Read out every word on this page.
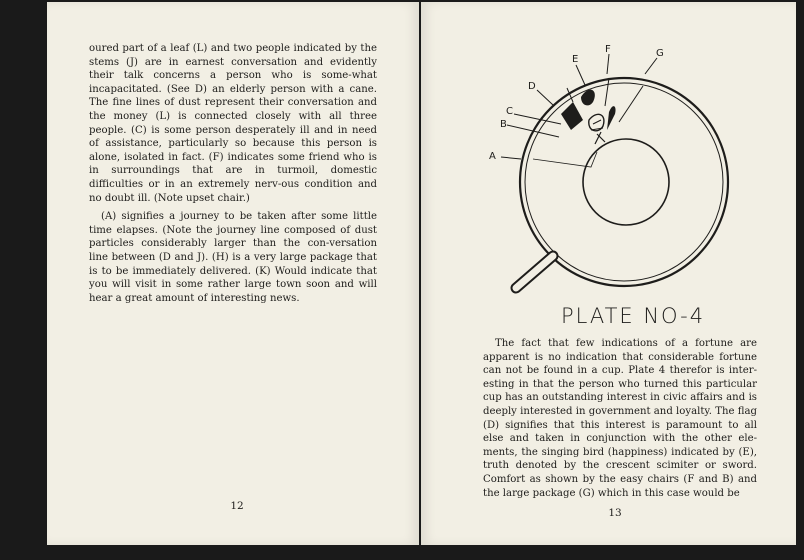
oured part of a leaf (L) and two people indicated by the stems (J) are in earnest conversation and evidently their talk concerns a person who is some-what incapacitated. (See D) an elderly person with a cane. The fine lines of dust represent their conversation and the money (L) is connected closely with all three people. (C) is some person desperately ill and in need of assistance, particularly so because this person is alone, isolated in fact. (F) indicates some friend who is in surroundings that are in turmoil, domestic difficulties or in an extremely nerv-ous condition and no doubt ill. (Note upset chair.)

(A) signifies a journey to be taken after some little time elapses. (Note the journey line composed of dust particles considerably larger than the con-versation line between (D and J). (H) is a very large package that is to be immediately delivered. (K) Would indicate that you will visit in some rather large town soon and will hear a great amount of interesting news.

12
A
B
C
D
E
F	G
PLATE NO-4

The fact that few indications of a fortune are apparent is no indication that considerable fortune can not be found in a cup. Plate 4 therefor is inter-esting in that the person who turned this particular cup has an outstanding interest in civic affairs and is deeply interested in government and loyalty. The flag (D) signifies that this interest is paramount to all else and taken in conjunction with the other ele-ments, the singing bird (happiness) indicated by (E), truth denoted by the crescent scimiter or sword. Comfort as shown by the easy chairs (F and B) and the large package (G) which in this case would be

13
